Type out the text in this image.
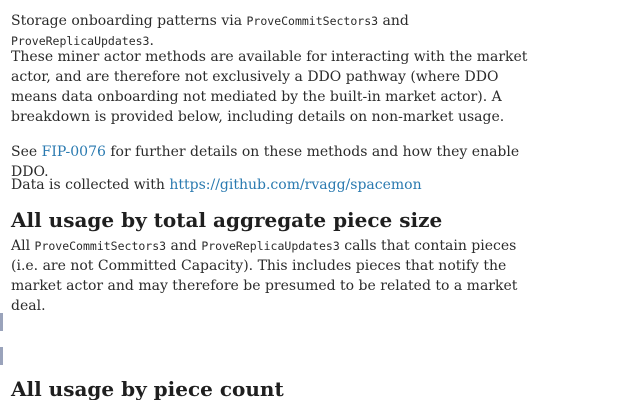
Storage onboarding patterns via ProveCommitSectors3 and ProveReplicaUpdates3.

These miner actor methods are available for interacting with the market actor, and are therefore not exclusively a DDO pathway (where DDO means data onboarding not mediated by the built-in market actor). A breakdown is provided below, including details on non-market usage.

See FIP-0076 for further details on these methods and how they enable DDO.

Data is collected with https://github.com/rvagg/spacemon

All usage by total aggregate piece size

All ProveCommitSectors3 and ProveReplicaUpdates3 calls that contain pieces (i.e. are not Committed Capacity). This includes pieces that notify the market actor and may therefore be presumed to be related to a market deal.

All usage by piece count
